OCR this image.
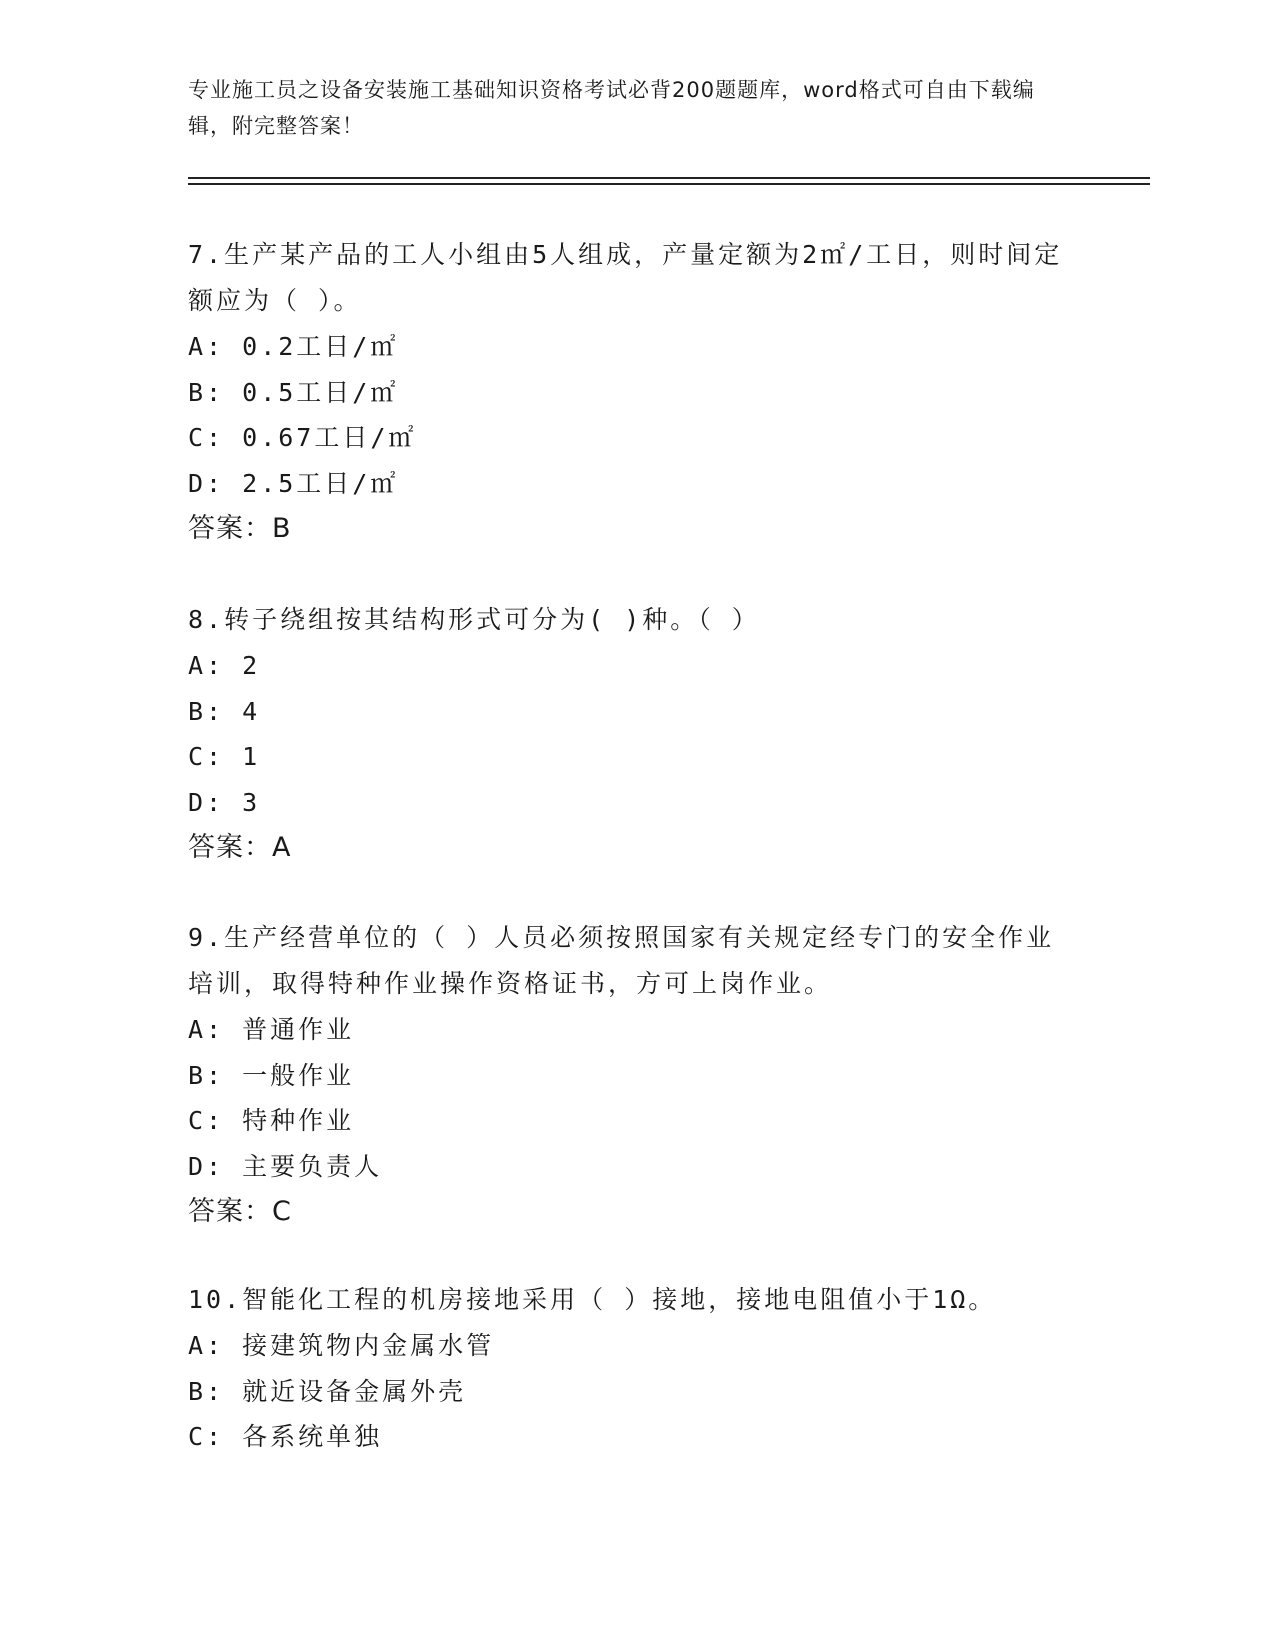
专业施工员之设备安装施工基础知识资格考试必背200题题库，word格式可自由下载编辑，附完整答案！
7.生产某产品的工人小组由5人组成，产量定额为2㎡/工日，则时间定额应为（ ）。
A: 0.2工日/㎡
B: 0.5工日/㎡
C: 0.67工日/㎡
D: 2.5工日/㎡
答案：B
8.转子绕组按其结构形式可分为( )种。（ ）
A: 2
B: 4
C: 1
D: 3
答案：A
9.生产经营单位的（ ）人员必须按照国家有关规定经专门的安全作业培训，取得特种作业操作资格证书，方可上岗作业。
A: 普通作业
B: 一般作业
C: 特种作业
D: 主要负责人
答案：C
10.智能化工程的机房接地采用（ ）接地，接地电阻值小于1Ω。
A: 接建筑物内金属水管
B: 就近设备金属外壳
C: 各系统单独
